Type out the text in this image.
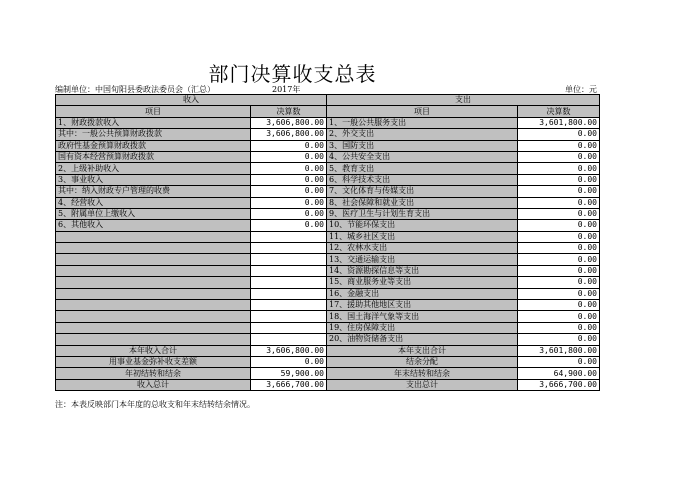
部门决算收支总表
编制单位：中国旬阳县委政法委员会（汇总）	2017年	单位：元
收入		支出	
项目	决算数	项目	决算数
1、财政拨款收入	3,606,800.00	1、一般公共服务支出	3,601,800.00
其中：一般公共预算财政拨款	3,606,800.00	2、外交支出	0.00
政府性基金预算财政拨款	0.00	3、国防支出	0.00
国有资本经营预算财政拨款	0.00	4、公共安全支出	0.00
2、上级补助收入	0.00	5、教育支出	0.00
3、事业收入	0.00	6、科学技术支出	0.00
其中：纳入财政专户管理的收费	0.00	7、文化体育与传媒支出	0.00
4、经营收入	0.00	8、社会保障和就业支出	0.00
5、附属单位上缴收入	0.00	9、医疗卫生与计划生育支出	0.00
6、其他收入	0.00	10、节能环保支出	0.00
		11、城乡社区支出	0.00
		12、农林水支出	0.00
		13、交通运输支出	0.00
		14、资源勘探信息等支出	0.00
		15、商业服务业等支出	0.00
		16、金融支出	0.00
		17、援助其他地区支出	0.00
		18、国土海洋气象等支出	0.00
		19、住房保障支出	0.00
		20、油物资储备支出	0.00
本年收入合计	3,606,800.00	本年支出合计	3,601,800.00
用事业基金弥补收支差额	0.00	结余分配	0.00
年初结转和结余	59,900.00	年末结转和结余	64,900.00
收入总计	3,666,700.00	支出总计	3,666,700.00
注：本表反映部门本年度的总收支和年末结转结余情况。
